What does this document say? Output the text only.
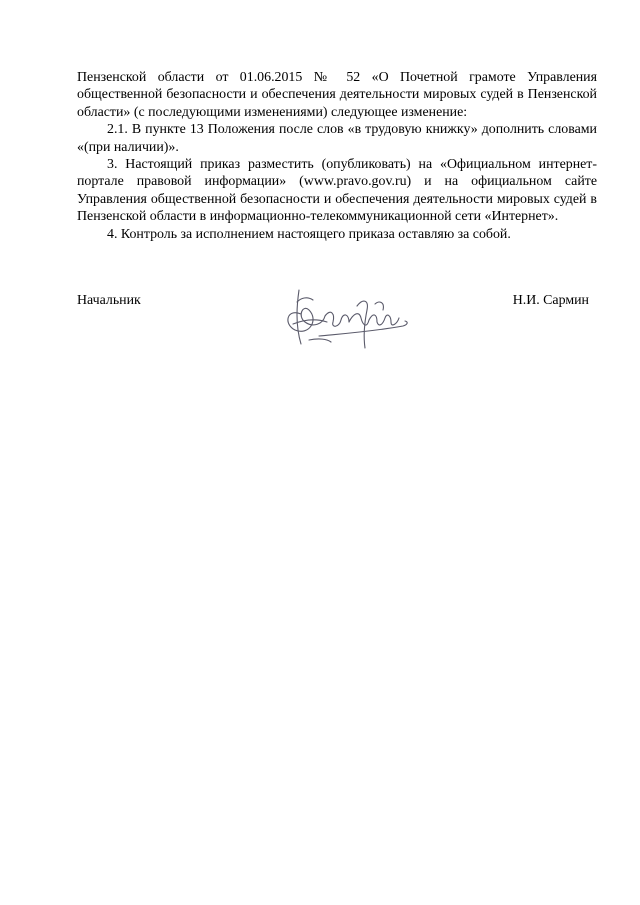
Пензенской области от 01.06.2015 № 52 «О Почетной грамоте Управления общественной безопасности и обеспечения деятельности мировых судей в Пензенской области» (с последующими изменениями) следующее изменение:

2.1. В пункте 13 Положения после слов «в трудовую книжку» дополнить словами «(при наличии)».

3. Настоящий приказ разместить (опубликовать) на «Официальном интернет-портале правовой информации» (www.pravo.gov.ru) и на официальном сайте Управления общественной безопасности и обеспечения деятельности мировых судей в Пензенской области в информационно-телекоммуникационной сети «Интернет».

4. Контроль за исполнением настоящего приказа оставляю за собой.

Начальник	Н.И. Сармин
